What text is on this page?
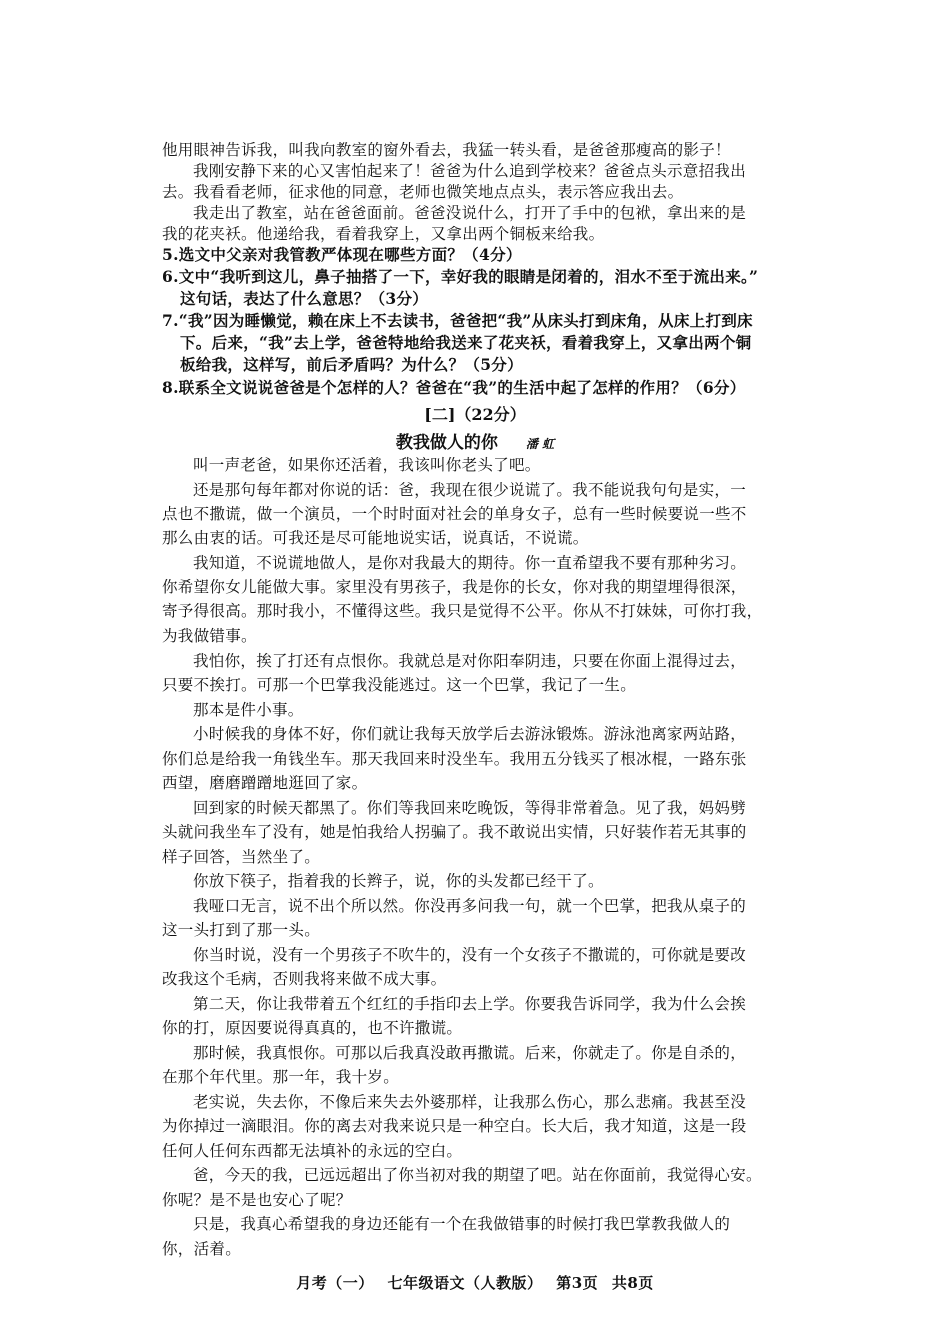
他用眼神告诉我，叫我向教室的窗外看去，我猛一转头看，是爸爸那瘦高的影子！
我刚安静下来的心又害怕起来了！爸爸为什么追到学校来？爸爸点头示意招我出
去。我看看老师，征求他的同意，老师也微笑地点点头，表示答应我出去。
我走出了教室，站在爸爸面前。爸爸没说什么，打开了手中的包袱，拿出来的是
我的花夹袄。他递给我，看着我穿上，又拿出两个铜板来给我。
5.选文中父亲对我管教严体现在哪些方面？（4分）
6.文中“我听到这儿，鼻子抽搭了一下，幸好我的眼睛是闭着的，泪水不至于流出来。”
这句话，表达了什么意思？（3分）
7.“我”因为睡懒觉，赖在床上不去读书，爸爸把“我”从床头打到床角，从床上打到床
下。后来，“我”去上学，爸爸特地给我送来了花夹袄，看着我穿上，又拿出两个铜
板给我，这样写，前后矛盾吗？为什么？（5分）
8.联系全文说说爸爸是个怎样的人？爸爸在“我”的生活中起了怎样的作用？（6分）
[二]（22分）
教我做人的你 潘 虹
叫一声老爸，如果你还活着，我该叫你老头了吧。
还是那句每年都对你说的话：爸，我现在很少说谎了。我不能说我句句是实，一
点也不撒谎，做一个演员，一个时时面对社会的单身女子，总有一些时候要说一些不
那么由衷的话。可我还是尽可能地说实话，说真话，不说谎。
我知道，不说谎地做人，是你对我最大的期待。你一直希望我不要有那种劣习。
你希望你女儿能做大事。家里没有男孩子，我是你的长女，你对我的期望埋得很深，
寄予得很高。那时我小，不懂得这些。我只是觉得不公平。你从不打妹妹，可你打我，
为我做错事。
我怕你，挨了打还有点恨你。我就总是对你阳奉阴违，只要在你面上混得过去，
只要不挨打。可那一个巴掌我没能逃过。这一个巴掌，我记了一生。
那本是件小事。
小时候我的身体不好，你们就让我每天放学后去游泳锻炼。游泳池离家两站路，
你们总是给我一角钱坐车。那天我回来时没坐车。我用五分钱买了根冰棍，一路东张
西望，磨磨蹭蹭地逛回了家。
回到家的时候天都黑了。你们等我回来吃晚饭，等得非常着急。见了我，妈妈劈
头就问我坐车了没有，她是怕我给人拐骗了。我不敢说出实情，只好装作若无其事的
样子回答，当然坐了。
你放下筷子，指着我的长辫子，说，你的头发都已经干了。
我哑口无言，说不出个所以然。你没再多问我一句，就一个巴掌，把我从桌子的
这一头打到了那一头。
你当时说，没有一个男孩子不吹牛的，没有一个女孩子不撒谎的，可你就是要改
改我这个毛病，否则我将来做不成大事。
第二天，你让我带着五个红红的手指印去上学。你要我告诉同学，我为什么会挨
你的打，原因要说得真真的，也不许撒谎。
那时候，我真恨你。可那以后我真没敢再撒谎。后来，你就走了。你是自杀的，
在那个年代里。那一年，我十岁。
老实说，失去你，不像后来失去外婆那样，让我那么伤心，那么悲痛。我甚至没
为你掉过一滴眼泪。你的离去对我来说只是一种空白。长大后，我才知道，这是一段
任何人任何东西都无法填补的永远的空白。
爸，今天的我，已远远超出了你当初对我的期望了吧。站在你面前，我觉得心安。
你呢？是不是也安心了呢？
只是，我真心希望我的身边还能有一个在我做错事的时候打我巴掌教我做人的
你，活着。
月考（一） 七年级语文（人教版） 第3页 共8页
